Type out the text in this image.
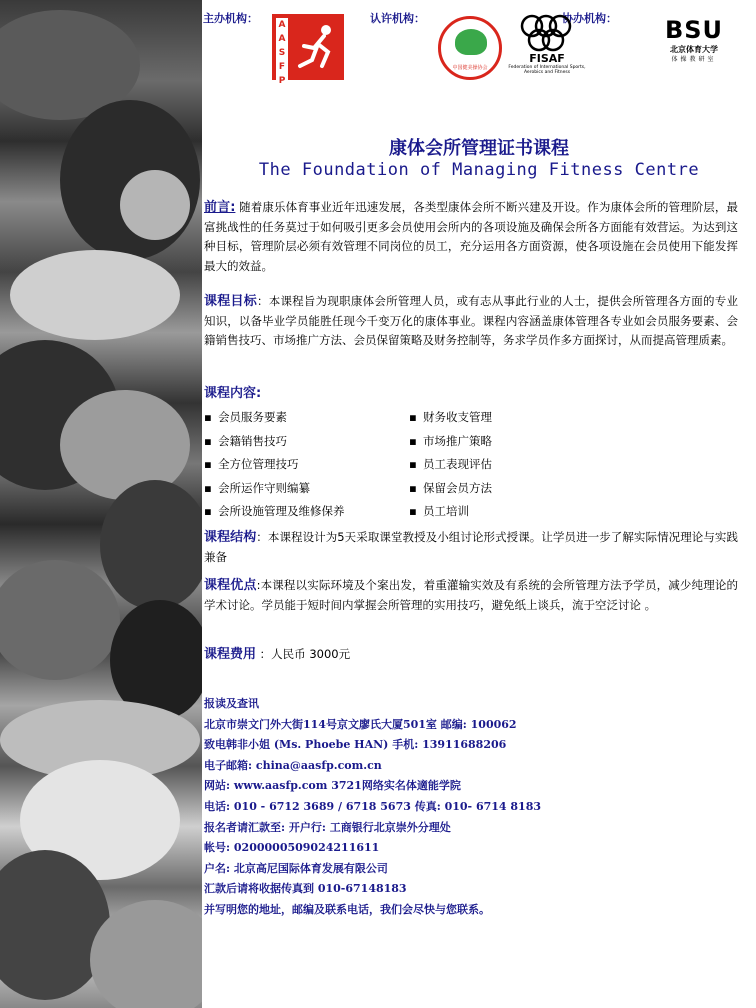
主办机构： AASFP
认许机构：
中国健美操协会
协办机构：
FISAF
Federation of International Sports, Aerobics and Fitness
BSU
北京体育大学
体操教研室
康体会所管理证书课程
The Foundation of Managing Fitness Centre
前言: 随着康乐体育事业近年迅速发展，各类型康体会所不断兴建及开设。作为康体会所的管理阶层，最富挑战性的任务莫过于如何吸引更多会员使用会所内的各项设施及确保会所各方面能有效营运。为达到这种目标，管理阶层必须有效管理不同岗位的员工，充分运用各方面资源，使各项设施在会员使用下能发挥最大的效益。
课程目标：本课程旨为现职康体会所管理人员，或有志从事此行业的人士，提供会所管理各方面的专业知识，以备毕业学员能胜任现今千变万化的康体事业。课程内容涵盖康体管理各专业如会员服务要素、会籍销售技巧、市场推广方法、会员保留策略及财务控制等，务求学员作多方面探讨，从而提高管理质素。
课程内容:
▪ 会员服务要素
▪ 会籍销售技巧
▪ 全方位管理技巧
▪ 会所运作守则编纂
▪ 会所设施管理及维修保养
▪ 财务收支管理
▪ 市场推广策略
▪ 员工表现评估
▪ 保留会员方法
▪ 员工培训
课程结构：本课程设计为5天采取课堂教授及小组讨论形式授课。让学员进一步了解实际情况理论与实践兼备
课程优点:本课程以实际环境及个案出发，着重灌输实效及有系统的会所管理方法予学员，减少纯理论的学术讨论。学员能于短时间内掌握会所管理的实用技巧，避免纸上谈兵，流于空泛讨论 。
课程费用 ：人民币 3000元
报读及查讯
北京市崇文门外大街114号京文廖氏大厦501室 邮编: 100062
致电韩非小姐 (Ms. Phoebe HAN) 手机: 13911688206
电子邮箱: china@aasfp.com.cn
网站: www.aasfp.com 3721网络实名体適能学院
电话: 010 - 6712 3689 / 6718 5673 传真: 010- 6714 8183
报名者请汇款至: 开户行: 工商银行北京崇外分理处
帐号: 0200000509024211611
户名: 北京高尼国际体育发展有限公司
汇款后请将收据传真到 010-67148183
并写明您的地址，邮编及联系电话，我们会尽快与您联系。
